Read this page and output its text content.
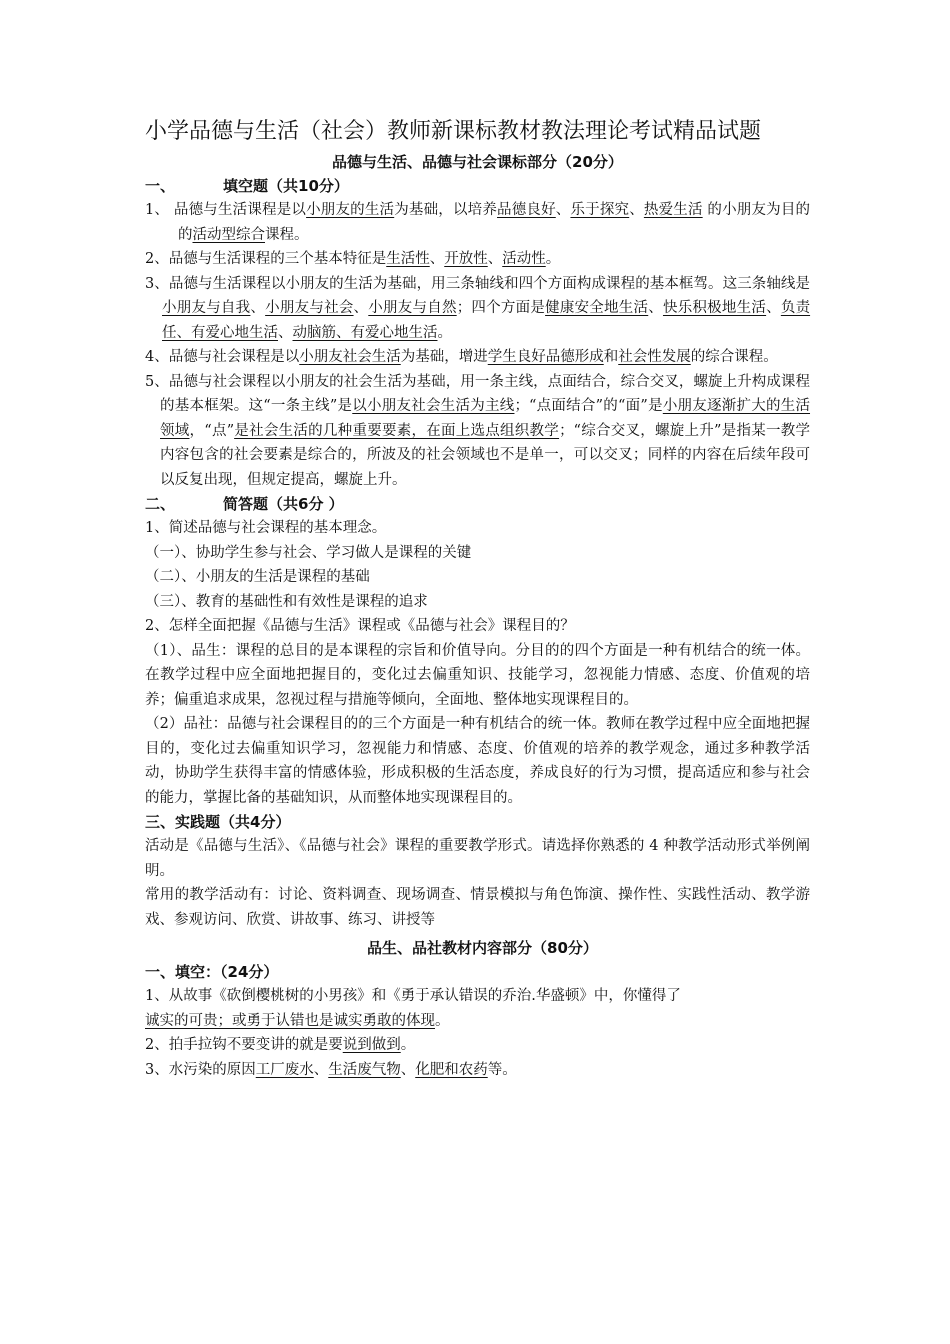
小学品德与生活（社会）教师新课标教材教法理论考试精品试题
品德与生活、品德与社会课标部分（20分）
一、	填空题（共10分）

1、 品德与生活课程是以小朋友的生活为基础，以培养品德良好、乐于探究、热爱生活 的小朋友为目的的活动型综合课程。

2、品德与生活课程的三个基本特征是生活性、开放性、活动性。

3、品德与生活课程以小朋友的生活为基础，用三条轴线和四个方面构成课程的基本框驾。这三条轴线是小朋友与自我、小朋友与社会、小朋友与自然；四个方面是健康安全地生活、快乐积极地生活、负责任、有爱心地生活、动脑筋、有爱心地生活。

4、品德与社会课程是以小朋友社会生活为基础，增进学生良好品德形成和社会性发展的综合课程。

5、品德与社会课程以小朋友的社会生活为基础，用一条主线，点面结合，综合交叉，螺旋上升构成课程的基本框架。这“一条主线”是以小朋友社会生活为主线；“点面结合”的“面”是小朋友逐渐扩大的生活领域，“点”是社会生活的几种重要要素，在面上选点组织教学；“综合交叉，螺旋上升”是指某一教学内容包含的社会要素是综合的，所波及的社会领域也不是单一，可以交叉；同样的内容在后续年段可以反复出现，但规定提高，螺旋上升。

二、	简答题（共6分 ）

1、简述品德与社会课程的基本理念。

（一）、协助学生参与社会、学习做人是课程的关键

（二）、小朋友的生活是课程的基础

（三）、教育的基础性和有效性是课程的追求

2、怎样全面把握《品德与生活》课程或《品德与社会》课程目的？

（1）、品生：课程的总目的是本课程的宗旨和价值导向。分目的的四个方面是一种有机结合的统一体。在教学过程中应全面地把握目的，变化过去偏重知识、技能学习，忽视能力情感、态度、价值观的培养；偏重追求成果，忽视过程与措施等倾向，全面地、整体地实现课程目的。

（2）品社：品德与社会课程目的的三个方面是一种有机结合的统一体。教师在教学过程中应全面地把握目的，变化过去偏重知识学习，忽视能力和情感、态度、价值观的培养的教学观念，通过多种教学活动，协助学生获得丰富的情感体验，形成积极的生活态度，养成良好的行为习惯，提高适应和参与社会的能力，掌握比备的基础知识，从而整体地实现课程目的。

三、实践题（共4分）

活动是《品德与生活》、《品德与社会》课程的重要教学形式。请选择你熟悉的 4 种教学活动形式举例阐明。

常用的教学活动有：讨论、资料调查、现场调查、情景模拟与角色饰演、操作性、实践性活动、教学游戏、参观访问、欣赏、讲故事、练习、讲授等

品生、品社教材内容部分（80分）
一、填空：（24分）

1、从故事《砍倒樱桃树的小男孩》和《勇于承认错误的乔治.华盛顿》中，你懂得了
诚实的可贵；或勇于认错也是诚实勇敢的体现。

2、拍手拉钩不要变讲的就是要说到做到。

3、水污染的原因工厂废水、生活废气物、化肥和农药等。
